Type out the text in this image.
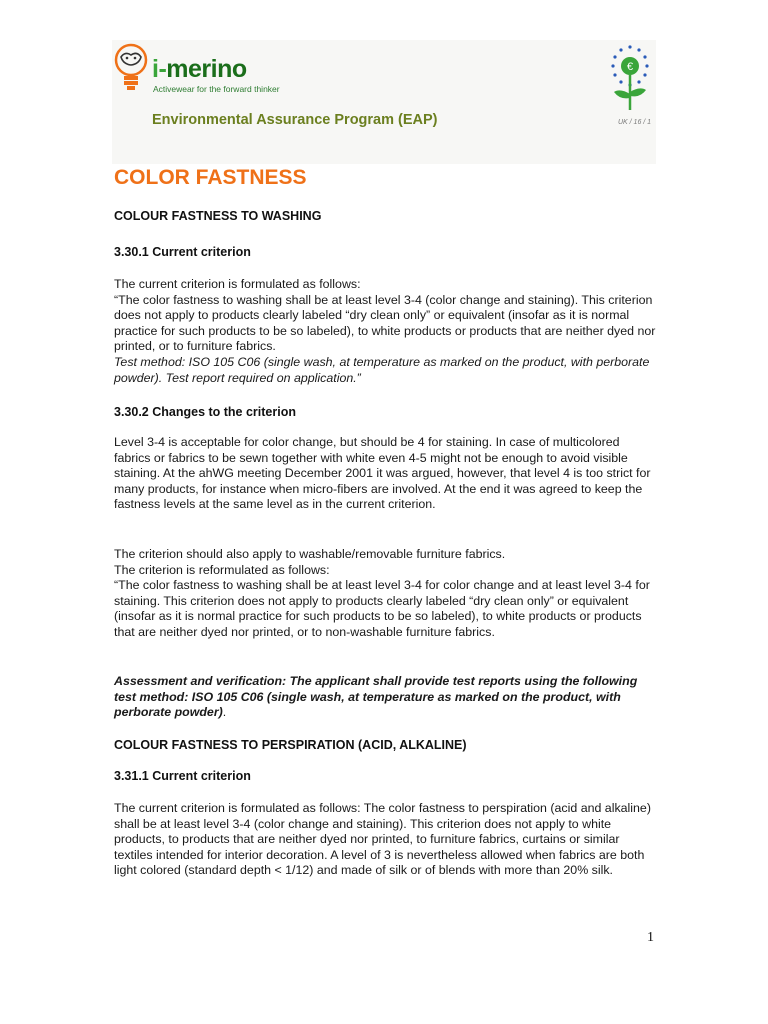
i-merino
Activewear for the forward thinker
Environmental Assurance Program (EAP)
€
UK / 16 / 1
COLOR FASTNESS
COLOUR FASTNESS TO WASHING
3.30.1 Current criterion
The current criterion is formulated as follows:
“The color fastness to washing shall be at least level 3-4 (color change and staining). This criterion does not apply to products clearly labeled “dry clean only” or equivalent (insofar as it is normal practice for such products to be so labeled), to white products or products that are neither dyed nor printed, or to furniture fabrics.
Test method: ISO 105 C06 (single wash, at temperature as marked on the product, with perborate powder). Test report required on application.”
3.30.2 Changes to the criterion
Level 3-4 is acceptable for color change, but should be 4 for staining. In case of multicolored fabrics or fabrics to be sewn together with white even 4-5 might not be enough to avoid visible staining. At the ahWG meeting December 2001 it was argued, however, that level 4 is too strict for many products, for instance when micro-fibers are involved. At the end it was agreed to keep the fastness levels at the same level as in the current criterion.
The criterion should also apply to washable/removable furniture fabrics.
The criterion is reformulated as follows:
“The color fastness to washing shall be at least level 3-4 for color change and at least level 3-4 for staining. This criterion does not apply to products clearly labeled “dry clean only” or equivalent (insofar as it is normal practice for such products to be so labeled), to white products or products that are neither dyed nor printed, or to non-washable furniture fabrics.
Assessment and verification: The applicant shall provide test reports using the following test method: ISO 105 C06 (single wash, at temperature as marked on the product, with perborate powder).
COLOUR FASTNESS TO PERSPIRATION (ACID, ALKALINE)
3.31.1 Current criterion
The current criterion is formulated as follows: The color fastness to perspiration (acid and alkaline) shall be at least level 3-4 (color change and staining). This criterion does not apply to white products, to products that are neither dyed nor printed, to furniture fabrics, curtains or similar textiles intended for interior decoration. A level of 3 is nevertheless allowed when fabrics are both light colored (standard depth < 1/12) and made of silk or of blends with more than 20% silk.
1
